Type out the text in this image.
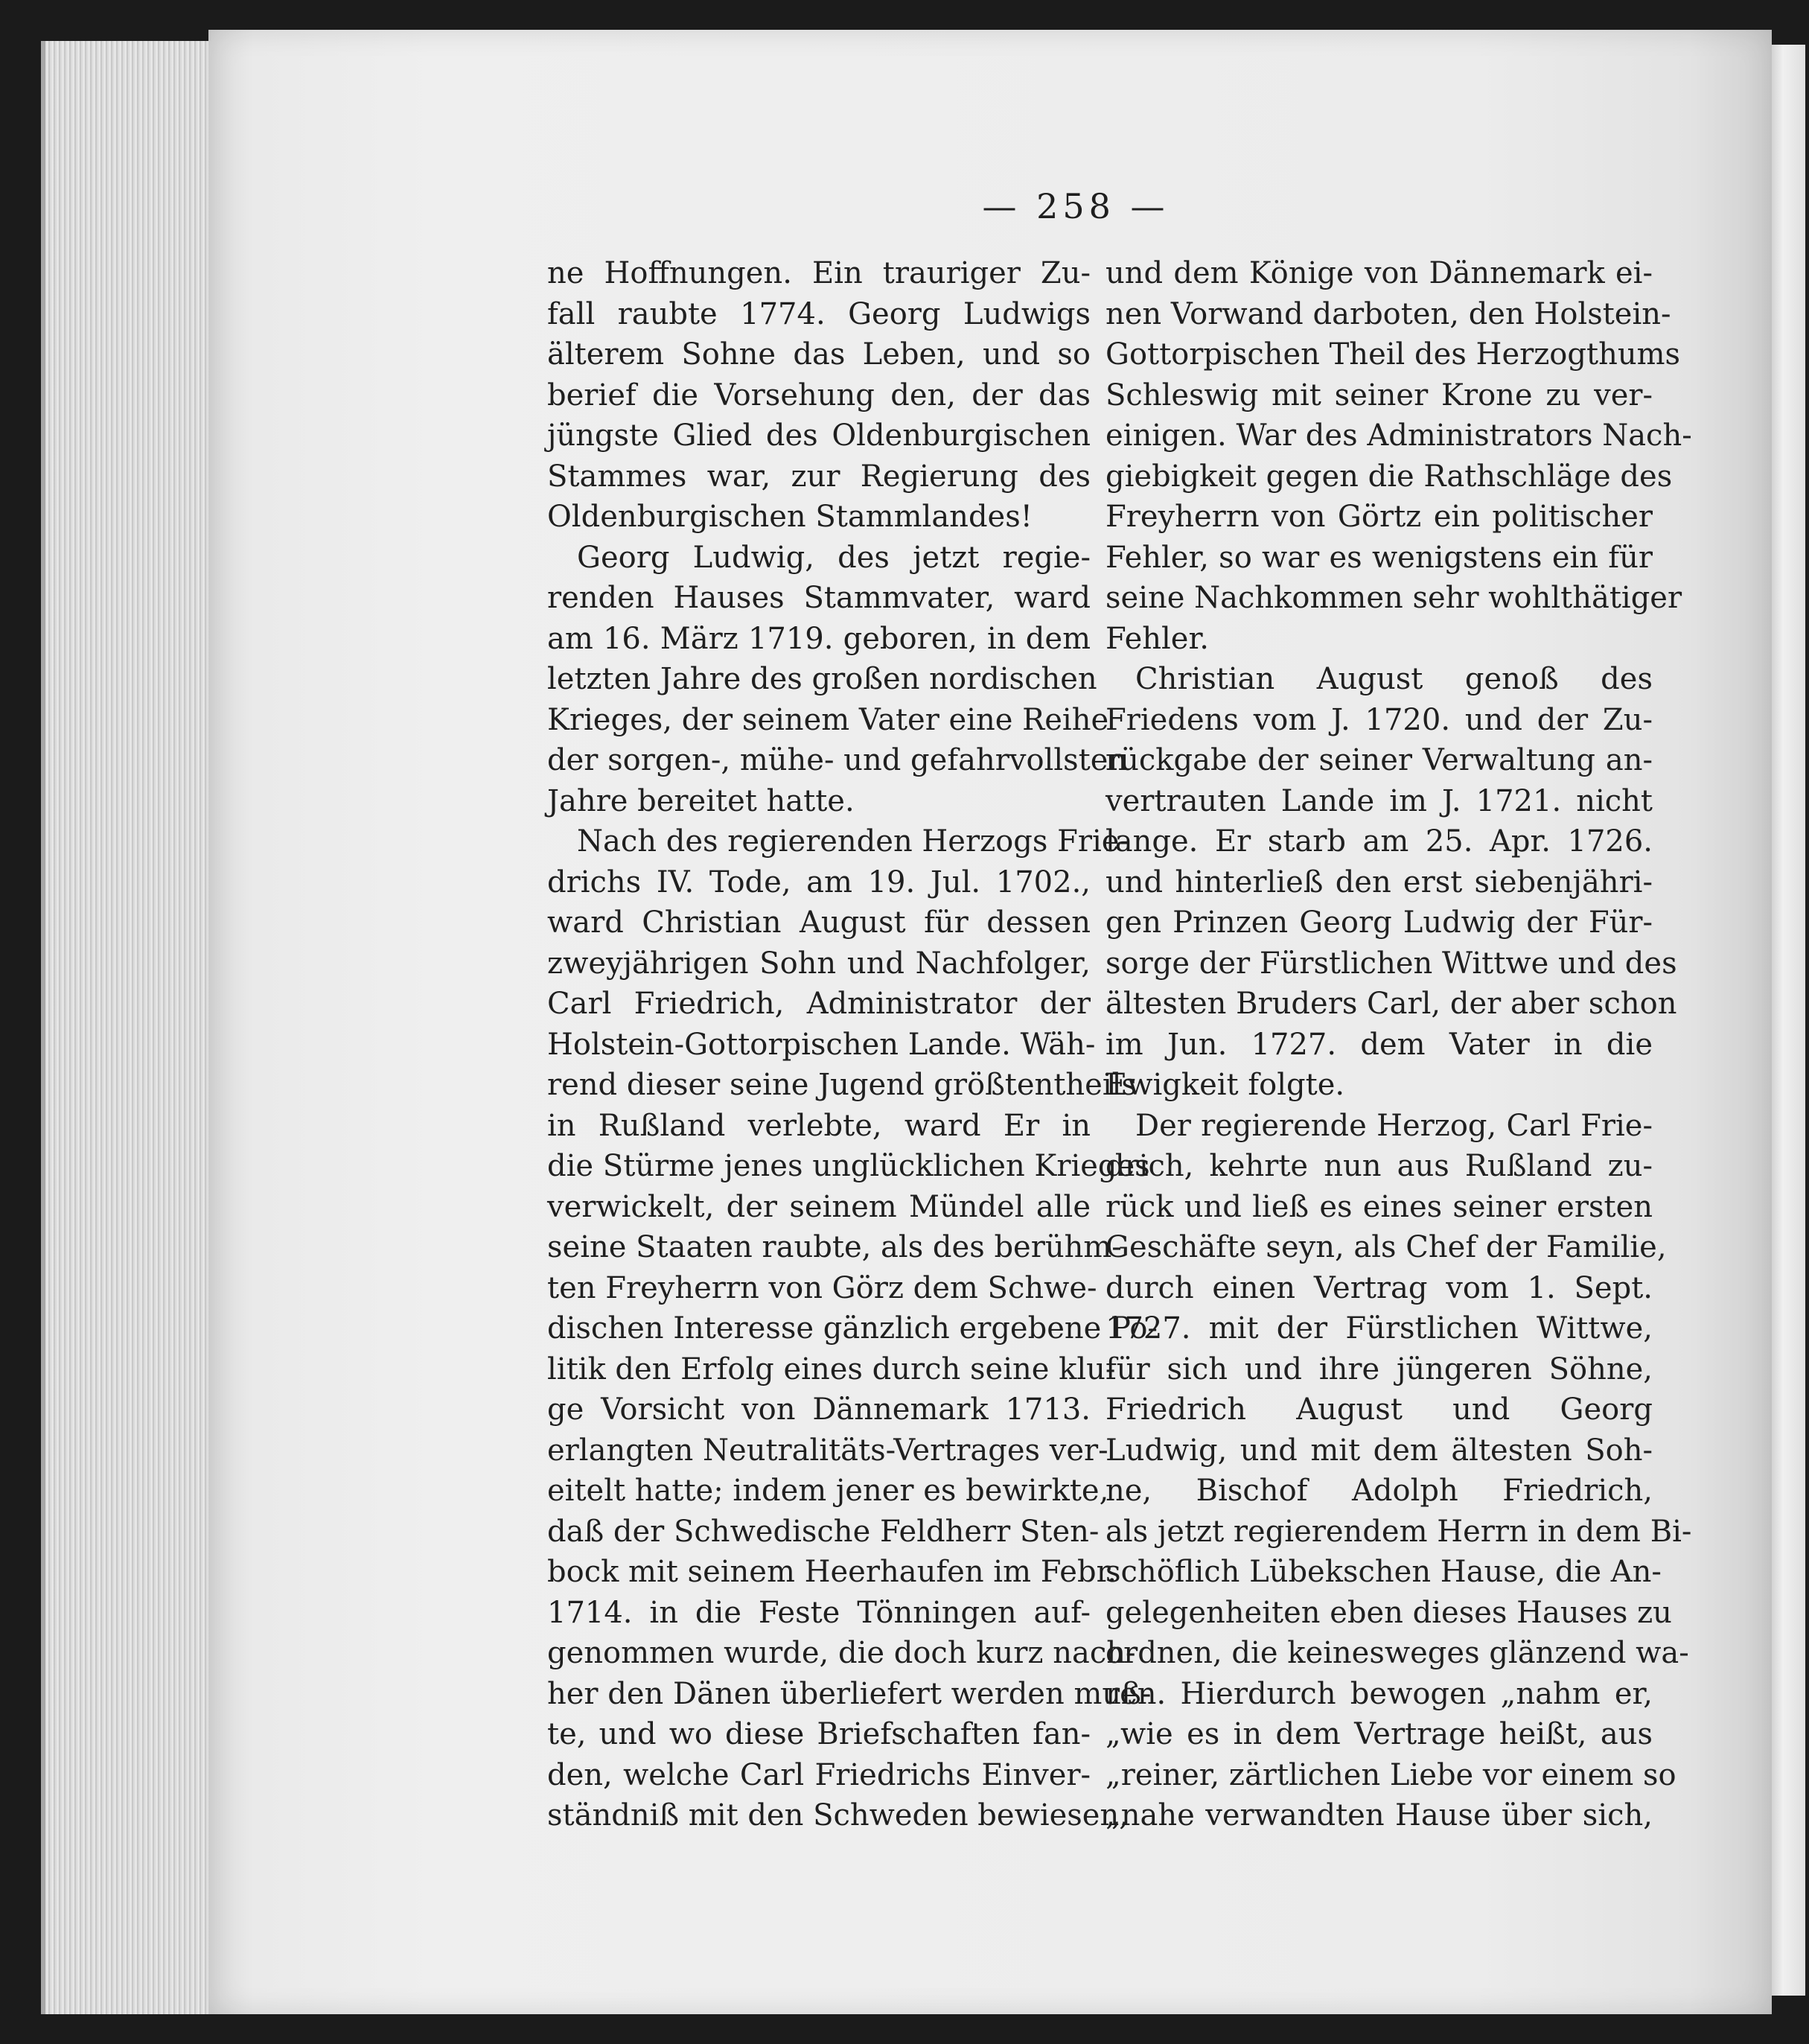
— 258 —
ne Hoffnungen. Ein trauriger Zu-
fall raubte 1774. Georg Ludwigs
älterem Sohne das Leben, und so
berief die Vorsehung den, der das
jüngste Glied des Oldenburgischen
Stammes war, zur Regierung des
Oldenburgischen Stammlandes!
Georg Ludwig, des jetzt regie-
renden Hauses Stammvater, ward
am 16. März 1719. geboren, in dem
letzten Jahre des großen nordischen
Krieges, der seinem Vater eine Reihe
der sorgen-, mühe- und gefahrvollsten
Jahre bereitet hatte.
Nach des regierenden Herzogs Frie-
drichs IV. Tode, am 19. Jul. 1702.,
ward Christian August für dessen
zweyjährigen Sohn und Nachfolger,
Carl Friedrich, Administrator der
Holstein-Gottorpischen Lande. Wäh-
rend dieser seine Jugend größtentheils
in Rußland verlebte, ward Er in
die Stürme jenes unglücklichen Krieges
verwickelt, der seinem Mündel alle
seine Staaten raubte, als des berühm-
ten Freyherrn von Görz dem Schwe-
dischen Interesse gänzlich ergebene Po-
litik den Erfolg eines durch seine klu-
ge Vorsicht von Dännemark 1713.
erlangten Neutralitäts-Vertrages ver-
eitelt hatte; indem jener es bewirkte,
daß der Schwedische Feldherr Sten-
bock mit seinem Heerhaufen im Febr.
1714. in die Feste Tönningen auf-
genommen wurde, die doch kurz nach-
her den Dänen überliefert werden muß-
te, und wo diese Briefschaften fan-
den, welche Carl Friedrichs Einver-
ständniß mit den Schweden bewiesen,
und dem Könige von Dännemark ei-
nen Vorwand darboten, den Holstein-
Gottorpischen Theil des Herzogthums
Schleswig mit seiner Krone zu ver-
einigen. War des Administrators Nach-
giebigkeit gegen die Rathschläge des
Freyherrn von Görtz ein politischer
Fehler, so war es wenigstens ein für
seine Nachkommen sehr wohlthätiger
Fehler.
Christian August genoß des
Friedens vom J. 1720. und der Zu-
rückgabe der seiner Verwaltung an-
vertrauten Lande im J. 1721. nicht
lange. Er starb am 25. Apr. 1726.
und hinterließ den erst siebenjähri-
gen Prinzen Georg Ludwig der Für-
sorge der Fürstlichen Wittwe und des
ältesten Bruders Carl, der aber schon
im Jun. 1727. dem Vater in die
Ewigkeit folgte.
Der regierende Herzog, Carl Frie-
drich, kehrte nun aus Rußland zu-
rück und ließ es eines seiner ersten
Geschäfte seyn, als Chef der Familie,
durch einen Vertrag vom 1. Sept.
1727. mit der Fürstlichen Wittwe,
für sich und ihre jüngeren Söhne,
Friedrich August und Georg
Ludwig, und mit dem ältesten Soh-
ne, Bischof Adolph Friedrich,
als jetzt regierendem Herrn in dem Bi-
schöflich Lübekschen Hause, die An-
gelegenheiten eben dieses Hauses zu
ordnen, die keinesweges glänzend wa-
ren. Hierdurch bewogen „nahm er,
„wie es in dem Vertrage heißt, aus
„reiner, zärtlichen Liebe vor einem so
„nahe verwandten Hause über sich,
